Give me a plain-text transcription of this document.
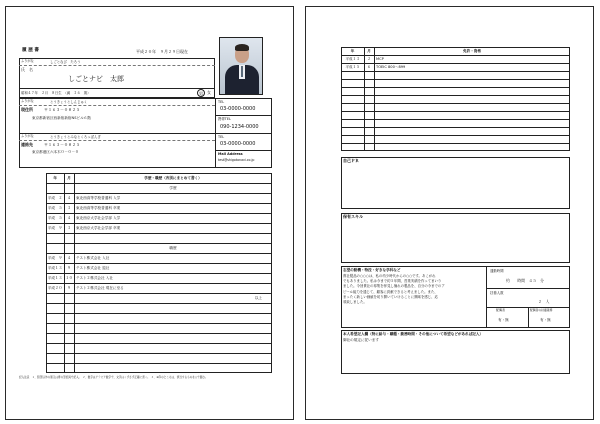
履 歴 書	平成２０年　９月２９日現在
ふりがな	しごとなび　たろう
氏　名
しごとナビ　太郎
昭和４７年　２月　８日生　（満　３６　歳）	男	女
ふりがな	とうきょうとしんじゅく
現住所	〒１６３－０８２５
東京都新宿区西新宿新宿NSビル６階
TEL
03-0000-0000
携帯TEL
090-1234-0000
ふりがな	とうきょうとみなとくろっぽんぎ
連絡先	〒１６３－０８２５
東京都港区六本木０－０－０
TEL
03-0000-0000
Mail Address
test@shigotonavi.co.jp
年	月	学歴・職歴（各別にまとめて書く）
学歴
平成　２	４	東北西高等学校普通科 入学
平成　５	３	東北西高等学校普通科 卒業
平成　５	４	東北西京大学社会学部 入学
平成　９	３	東北西京大学社会学部 卒業
職歴
平成　９	４	テスト株式会社 入社
平成１３	９	テスト株式会社 退社
平成１３ １０ テスト２株式会社 入社
平成２０	９	テスト２株式会社 現在に至る
以上
記入注意　１．鉛筆以外の黒又は青の筆記具で記入。　２．数字はアラビア数字で、文字はくずさず正確に書く。　３．※印のところは、該当するものを○で囲む。
年	月	免許・資格
平成１３	２	MCP
平成１５	６	TOEIC 800～899
自己ＰＲ
保有スキル
志望の動機・特技・好きな学科など
貴社製品の○○○は、私の幼少時代からの○○です。あこがれ
でもありました。私は今まで約５年間、営業実績を作ってまいり
ました。今回貴社の募集を拝見し憧れの製品を、自分の今までのア
ピール能力を通じて、顧客に貢献できると考えました。また、
まったく新しい価値を切り開いていけることに興味を感じ、応
募致しました。
通勤時間
約　　時間　４５　分
扶養人数
２　人
配偶者
有・無
配偶者の扶養義務
有・無
本人希望記入欄（特に給与・職種・勤務時間・その他について希望などがあれば記入）
御社の規定に従います
